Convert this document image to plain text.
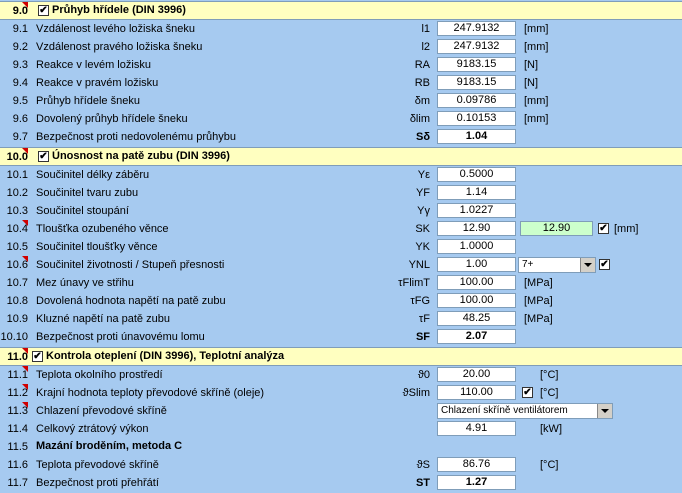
9.0 ✔ Průhyb hřídele (DIN 3996)
9.1 Vzdálenost levého ložiska šneku	l1	247.9132	[mm]
9.2 Vzdálenost pravého ložiska šneku	l2	247.9132	[mm]
9.3 Reakce v levém ložisku	RA	9183.15	[N]
9.4 Reakce v pravém ložisku	RB	9183.15	[N]
9.5 Průhyb hřídele šneku	δm	0.09786	[mm]
9.6 Dovolený průhyb hřídele šneku	δlim	0.10153	[mm]
9.7 Bezpečnost proti nedovolenému průhybu	Sδ	1.04
10.0 ✔ Únosnost na patě zubu (DIN 3996)
10.1 Součinitel délky záběru	Yε	0.5000
10.2 Součinitel tvaru zubu	YF	1.14
10.3 Součinitel stoupání	Yγ	1.0227
10.4 Tloušťka ozubeného věnce	SK	12.90	12.90	✔ [mm]
10.5 Součinitel tloušťky věnce	YK	1.0000
10.6 Součinitel životnosti / Stupeň přesnosti	YNL	1.00	7+	✔
10.7 Mez únavy ve střihu	τFlimT	100.00	[MPa]
10.8 Dovolená hodnota napětí na patě zubu	τFG	100.00	[MPa]
10.9 Kluzné napětí na patě zubu	τF	48.25	[MPa]
10.10 Bezpečnost proti únavovému lomu	SF	2.07
11.0 ✔ Kontrola oteplení (DIN 3996), Teplotní analýza
11.1 Teplota okolního prostředí	ϑ0	20.00	[°C]
11.2 Krajní hodnota teploty převodové skříně (oleje)	ϑSlim	110.00	✔ [°C]
11.3 Chlazení převodové skříně	Chlazení skříně ventilátorem
11.4 Celkový ztrátový výkon	4.91	[kW]
11.5 Mazání broděním, metoda C
11.6 Teplota převodové skříně	ϑS	86.76	[°C]
11.7 Bezpečnost proti přehřátí	ST	1.27
